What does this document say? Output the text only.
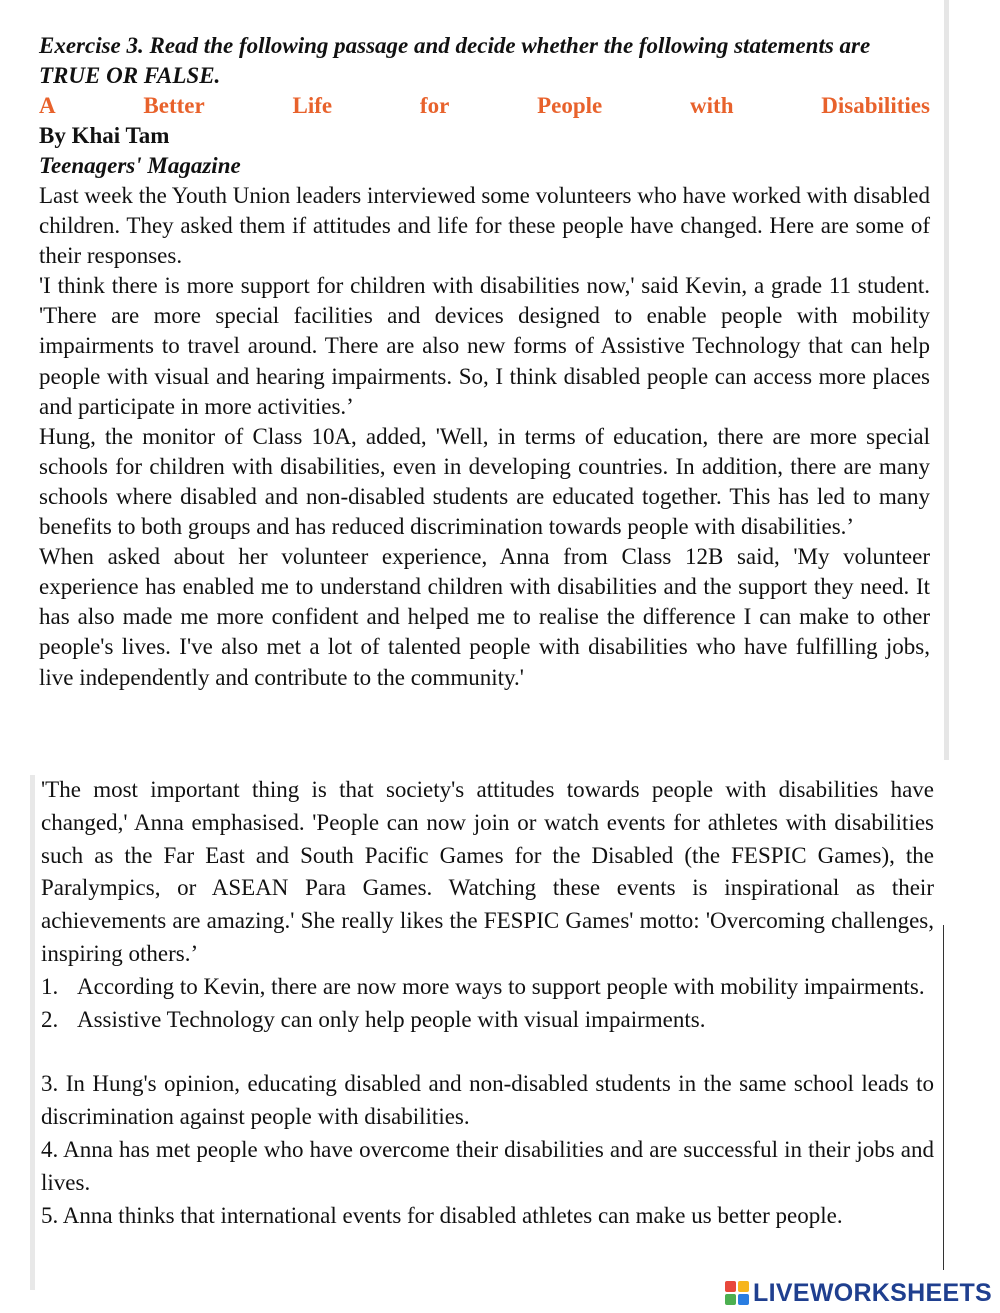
Exercise 3. Read the following passage and decide whether the following statements are TRUE OR FALSE.
A	Better	Life	for	People	with	Disabilities
By Khai Tam
Teenagers' Magazine

Last week the Youth Union leaders interviewed some volunteers who have worked with disabled children. They asked them if attitudes and life for these people have changed. Here are some of their responses.

'I think there is more support for children with disabilities now,' said Kevin, a grade 11 student. 'There are more special facilities and devices designed to enable people with mobility impairments to travel around. There are also new forms of Assistive Technology that can help people with visual and hearing impairments. So, I think disabled people can access more places and participate in more activities.’

Hung, the monitor of Class 10A, added, 'Well, in terms of education, there are more special schools for children with disabilities, even in developing countries. In addition, there are many schools where disabled and non-disabled students are educated together. This has led to many benefits to both groups and has reduced discrimination towards people with disabilities.’

When asked about her volunteer experience, Anna from Class 12B said, 'My volunteer experience has enabled me to understand children with disabilities and the support they need. It has also made me more confident and helped me to realise the difference I can make to other people's lives. I've also met a lot of talented people with disabilities who have fulfilling jobs, live independently and contribute to the community.'

'The most important thing is that society's attitudes towards people with disabilities have changed,' Anna emphasised. 'People can now join or watch events for athletes with disabilities such as the Far East and South Pacific Games for the Disabled (the FESPIC Games), the Paralympics, or ASEAN Para Games. Watching these events is inspirational as their achievements are amazing.' She really likes the FESPIC Games' motto: 'Overcoming challenges, inspiring others.’

1. According to Kevin, there are now more ways to support people with mobility impairments.
2. Assistive Technology can only help people with visual impairments.

3. In Hung's opinion, educating disabled and non-disabled students in the same school leads to discrimination against people with disabilities.

4. Anna has met people who have overcome their disabilities and are successful in their jobs and lives.

5. Anna thinks that international events for disabled athletes can make us better people.

LIVEWORKSHEETS
